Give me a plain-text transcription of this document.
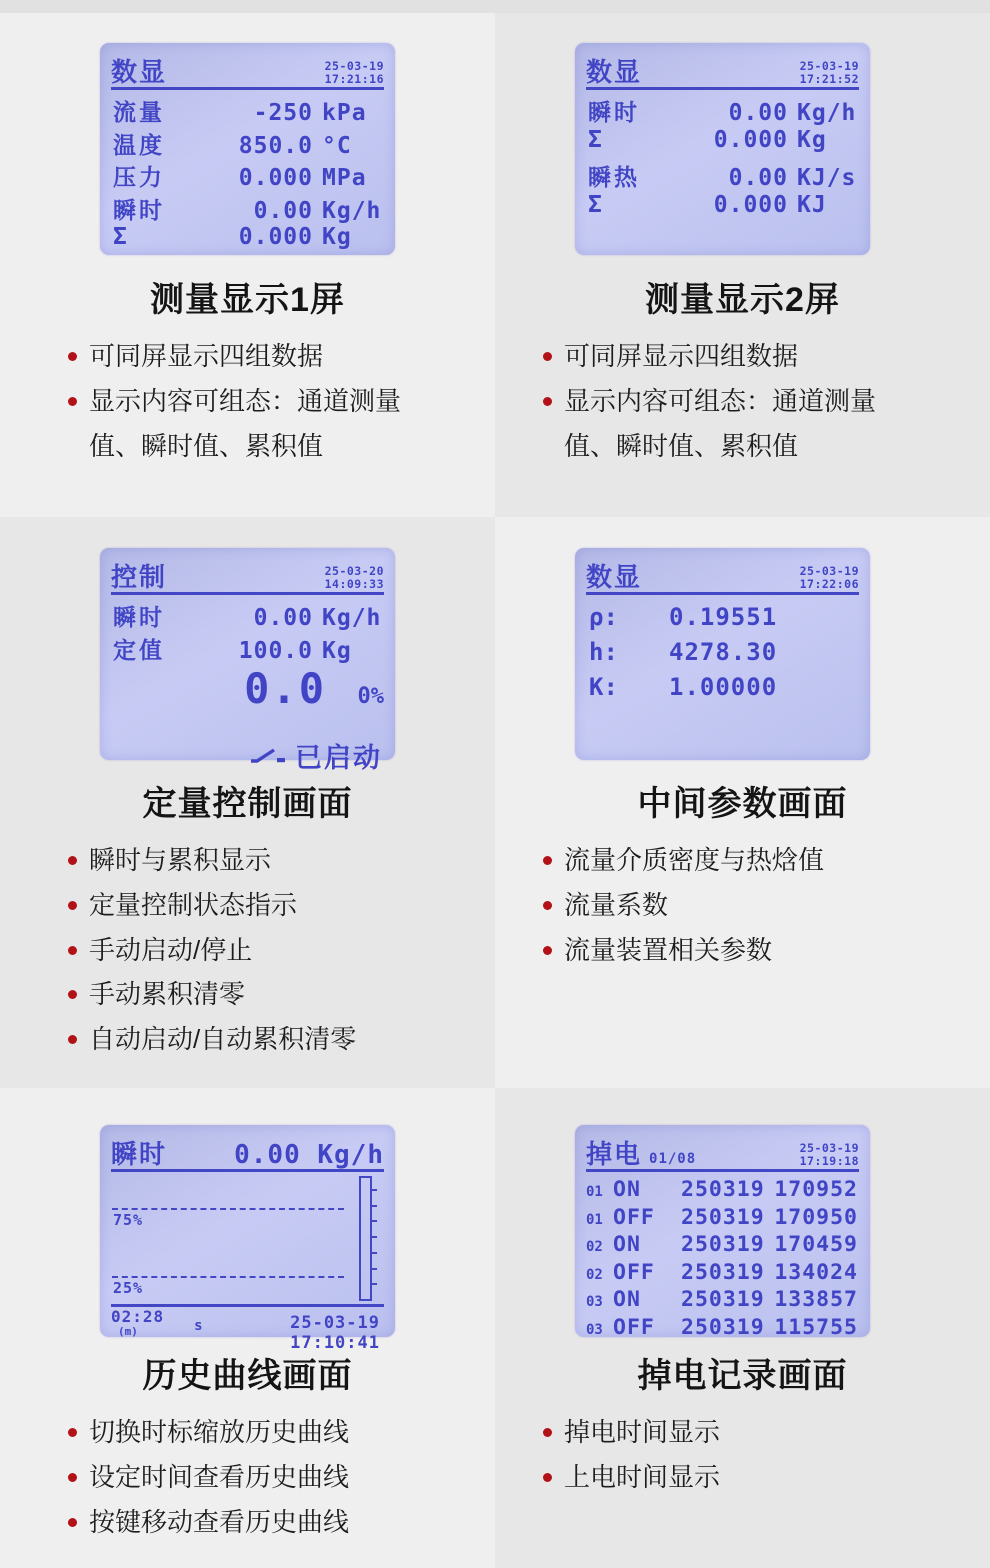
数显	25-03-19
17:21:16
流量	-250 kPa
温度	850.0 °C
压力	0.000 MPa
瞬时	0.00 Kg/h
Σ	0.000 Kg
测量显示1屏
可同屏显示四组数据
显示内容可组态：通道测量值、瞬时值、累积值
数显	25-03-19
17:21:52
瞬时	0.00 Kg/h
Σ	0.000 Kg
瞬热	0.00 KJ/s
Σ	0.000 KJ
测量显示2屏
可同屏显示四组数据
显示内容可组态：通道测量值、瞬时值、累积值
控制	25-03-20
14:09:33
瞬时	0.00 Kg/h
定值	100.0 Kg
0.0	0%
已启动
定量控制画面
瞬时与累积显示
定量控制状态指示
手动启动/停止
手动累积清零
自动启动/自动累积清零
数显	25-03-19
17:22:06
ρ:	0.19551
h:	4278.30
K:	1.00000
中间参数画面
流量介质密度与热焓值
流量系数
流量装置相关参数
瞬时	0.00 Kg/h
75%
25%
02:28
(m)	s	25-03-19 17:10:41
历史曲线画面
切换时标缩放历史曲线
设定时间查看历史曲线
按键移动查看历史曲线
掉电 01/08
25-03-19
17:19:18
01 ON	250319 170952
01 OFF	250319 170950
02 ON	250319 170459
02 OFF	250319 134024
03 ON	250319 133857
03 OFF	250319 115755
掉电记录画面
掉电时间显示
上电时间显示
